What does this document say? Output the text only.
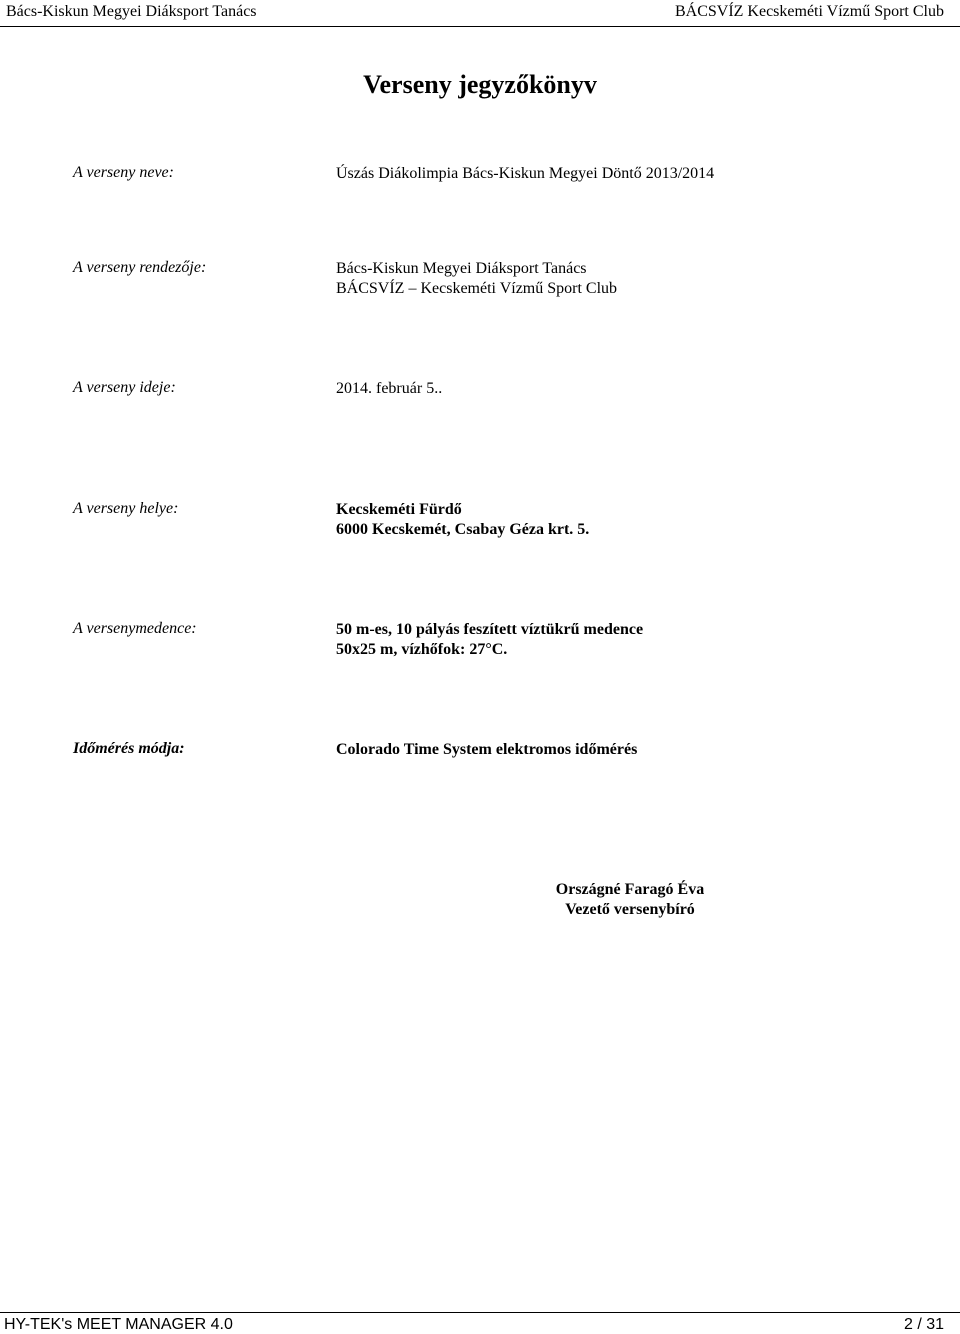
Bács-Kiskun Megyei Diáksport Tanács	BÁCSVÍZ Kecskeméti Vízmű Sport Club
Verseny jegyzőkönyv
A verseny neve:	Úszás Diákolimpia Bács-Kiskun Megyei Döntő 2013/2014
A verseny rendezője:	Bács-Kiskun Megyei Diáksport Tanács
BÁCSVÍZ – Kecskeméti Vízmű Sport Club
A verseny ideje:	2014. február 5..
A verseny helye:	Kecskeméti Fürdő
6000 Kecskemét, Csabay Géza krt. 5.
A versenymedence:	50 m-es, 10 pályás feszített víztükrű medence
50x25 m, vízhőfok: 27°C.
Időmérés módja:	Colorado Time System elektromos időmérés
Országné Faragó Éva
Vezető versenybíró
HY-TEK's MEET MANAGER 4.0	2 / 31
